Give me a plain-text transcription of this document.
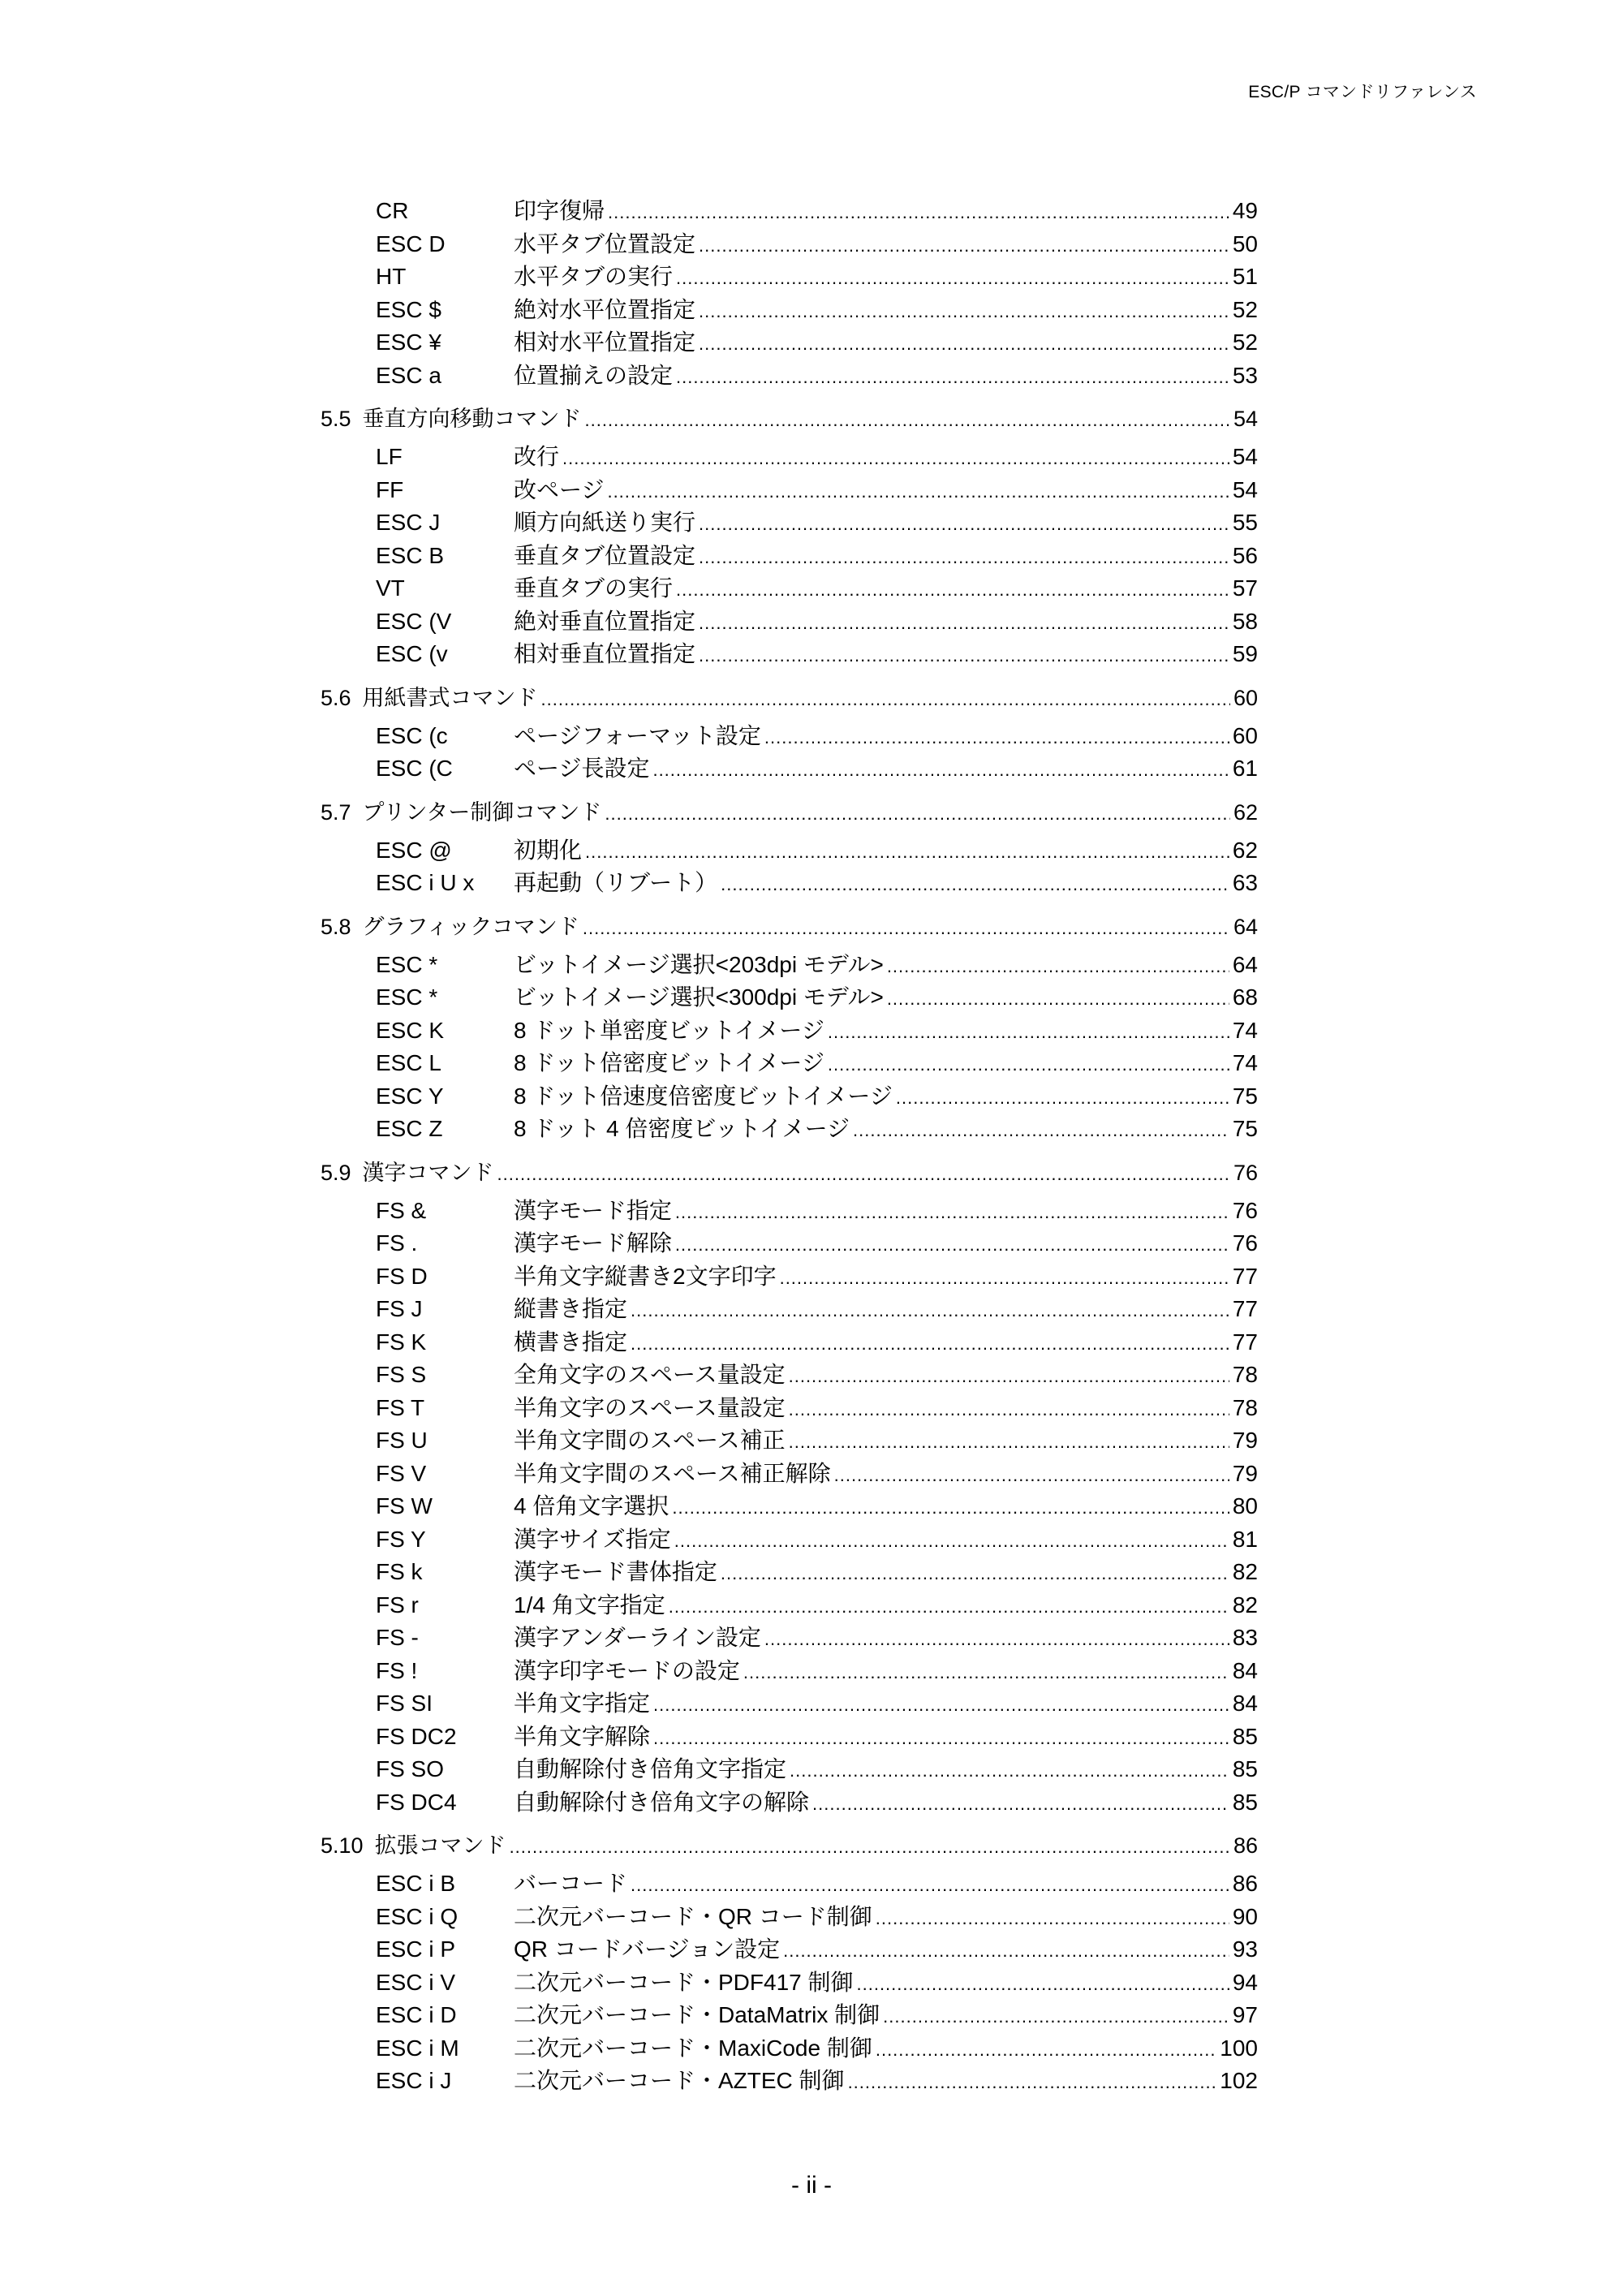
ESC/P コマンドリファレンス
CR	印字復帰 .....	49
ESC D	水平タブ位置設定 .....	50
HT	水平タブの実行 .....	51
ESC $	絶対水平位置指定 .....	52
ESC ¥	相対水平位置指定 .....	52
ESC a	位置揃えの設定 .....	53
5.5 垂直方向移動コマンド .....	54
LF	改行 .....	54
FF	改ページ .....	54
ESC J	順方向紙送り実行 .....	55
ESC B	垂直タブ位置設定 .....	56
VT	垂直タブの実行 .....	57
ESC (V	絶対垂直位置指定 .....	58
ESC (v	相対垂直位置指定 .....	59
5.6 用紙書式コマンド .....	60
ESC (c	ページフォーマット設定 .....	60
ESC (C	ページ長設定 .....	61
5.7 プリンター制御コマンド .....	62
ESC @	初期化 .....	62
ESC i U x	再起動（リブート） .....	63
5.8 グラフィックコマンド .....	64
ESC *	ビットイメージ選択<203dpi モデル> .....	64
ESC *	ビットイメージ選択<300dpi モデル> .....	68
ESC K	8 ドット単密度ビットイメージ .....	74
ESC L	8 ドット倍密度ビットイメージ .....	74
ESC Y	8 ドット倍速度倍密度ビットイメージ .....	75
ESC Z	8 ドット 4 倍密度ビットイメージ .....	75
5.9 漢字コマンド .....	76
FS &	漢字モード指定 .....	76
FS .	漢字モード解除 .....	76
FS D	半角文字縦書き2文字印字 .....	77
FS J	縦書き指定 .....	77
FS K	横書き指定 .....	77
FS S	全角文字のスペース量設定 .....	78
FS T	半角文字のスペース量設定 .....	78
FS U	半角文字間のスペース補正 .....	79
FS V	半角文字間のスペース補正解除 .....	79
FS W	4 倍角文字選択 .....	80
FS Y	漢字サイズ指定 .....	81
FS k	漢字モード書体指定 .....	82
FS r	1/4 角文字指定 .....	82
FS -	漢字アンダーライン設定 .....	83
FS !	漢字印字モードの設定 .....	84
FS SI	半角文字指定 .....	84
FS DC2	半角文字解除 .....	85
FS SO	自動解除付き倍角文字指定 .....	85
FS DC4	自動解除付き倍角文字の解除 .....	85
5.10 拡張コマンド .....	86
ESC i B	バーコード .....	86
ESC i Q	二次元バーコード・QR コード制御 .....	90
ESC i P	QR コードバージョン設定 .....	93
ESC i V	二次元バーコード・PDF417 制御 .....	94
ESC i D	二次元バーコード・DataMatrix 制御 .....	97
ESC i M	二次元バーコード・MaxiCode 制御 .....	100
ESC i J	二次元バーコード・AZTEC 制御 .....	102
- ii -
